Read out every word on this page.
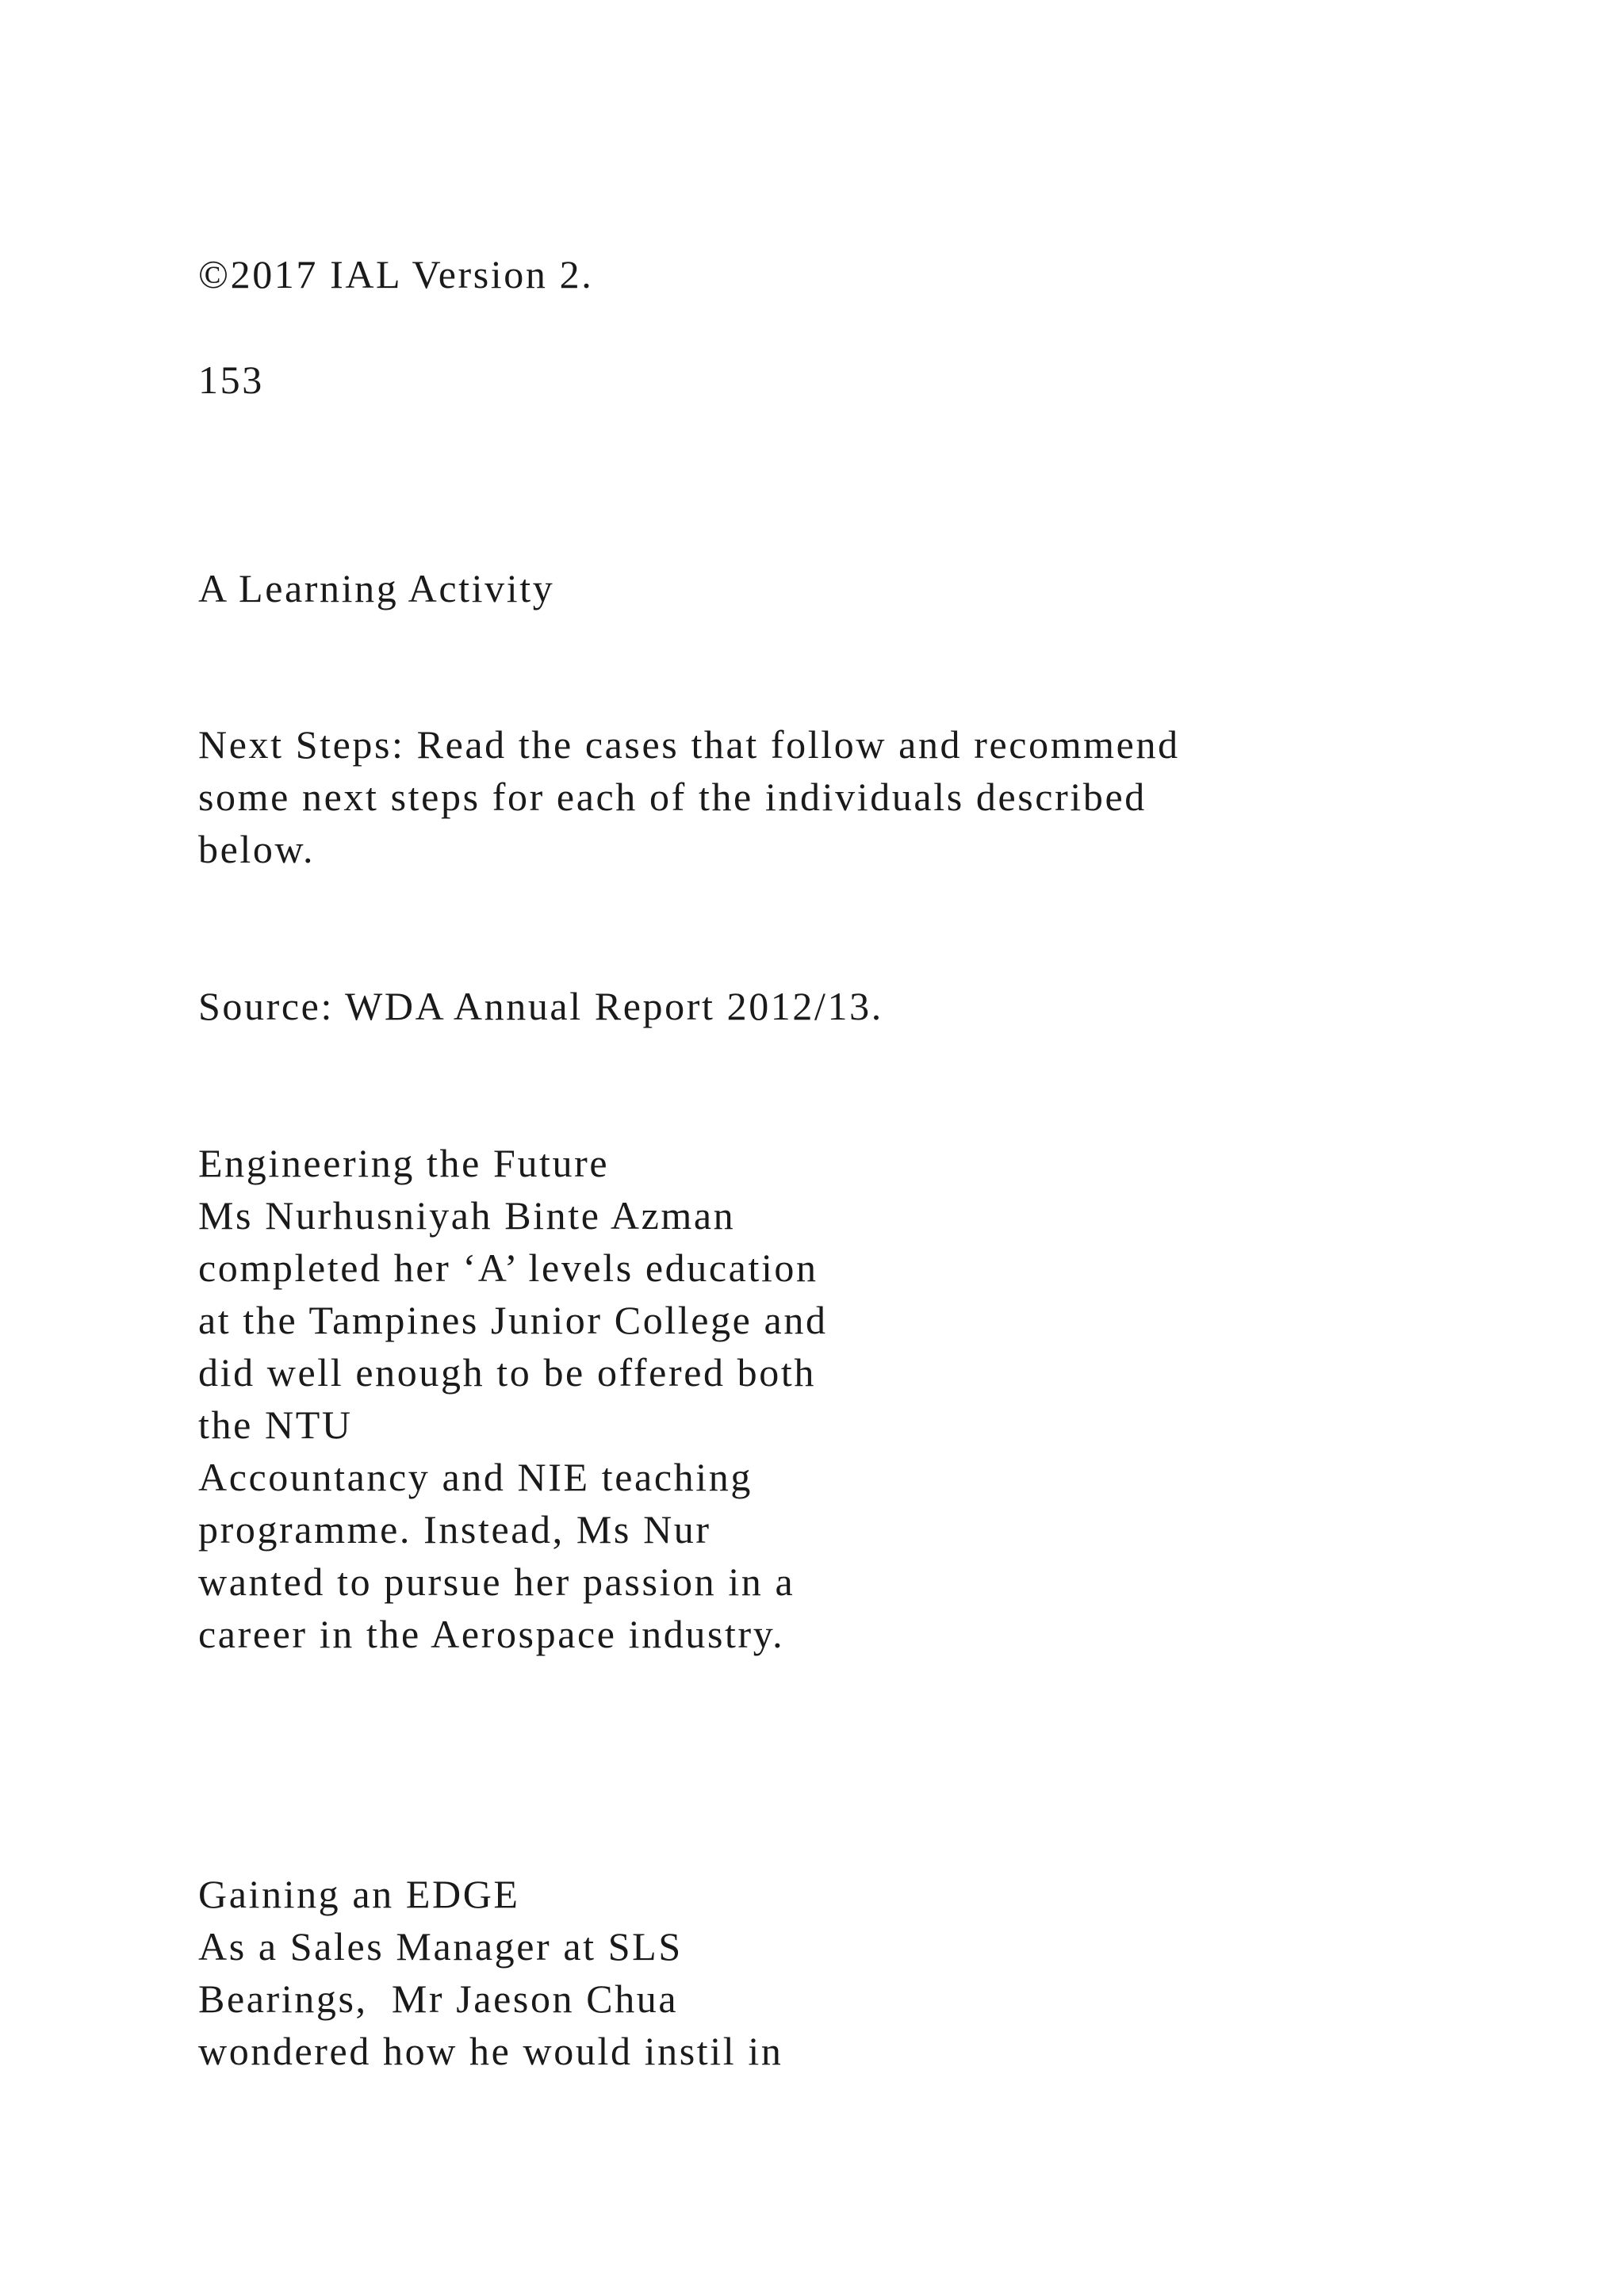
©2017 IAL Version 2.

153

A Learning Activity

Next Steps: Read the cases that follow and recommend

some next steps for each of the individuals described

below.

Source: WDA Annual Report 2012/13.

Engineering the Future

Ms Nurhusniyah Binte Azman

completed her ‘A’ levels education

at the Tampines Junior College and

did well enough to be offered both

the NTU

Accountancy and NIE teaching

programme. Instead, Ms Nur

wanted to pursue her passion in a

career in the Aerospace industry.

Gaining an EDGE

As a Sales Manager at SLS

Bearings,  Mr Jaeson Chua

wondered how he would instil in
